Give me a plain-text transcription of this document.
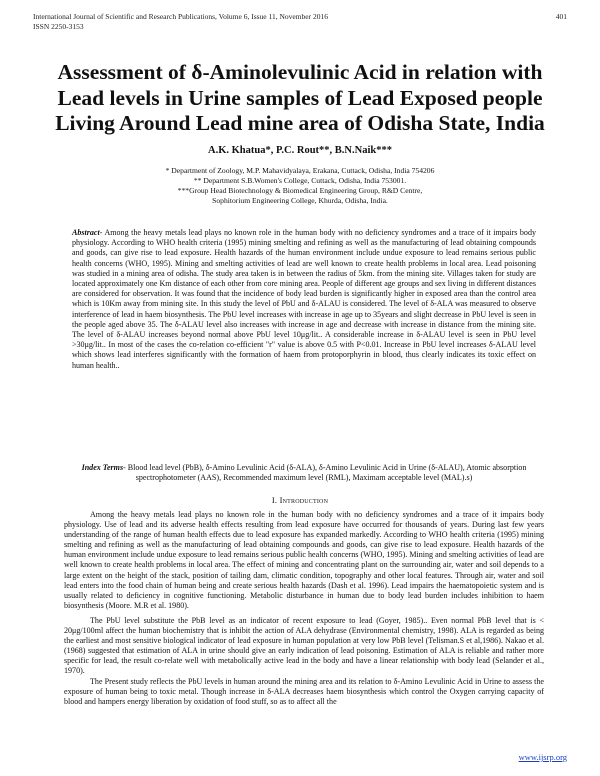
International Journal of Scientific and Research Publications, Volume 6, Issue 11, November 2016
ISSN 2250-3153
401
Assessment of δ-Aminolevulinic Acid in relation with Lead levels in Urine samples of Lead Exposed people Living Around Lead mine area of Odisha State, India
A.K. Khatua*, P.C. Rout**, B.N.Naik***
* Department of Zoology, M.P. Mahavidyalaya, Erakana, Cuttack, Odisha, India 754206
** Department S.B.Women's College, Cuttack, Odisha, India 753001.
***Group Head Biotechnology & Biomedical Engineering Group, R&D Centre,
Sophitorium Engineering College, Khurda, Odisha, India.

Abstract- Among the heavy metals lead plays no known role in the human body with no deficiency syndromes and a trace of it impairs body physiology. According to WHO health criteria (1995) mining smelting and refining as well as the manufacturing of lead obtaining compounds and goods, can give rise to lead exposure. Health hazards of the human environment include undue exposure to lead remains serious public health concerns (WHO, 1995). Mining and smelting activities of lead are well known to create health problems in local area. Lead poisoning was studied in a mining area of odisha. The study area taken is in between the radius of 5km. from the mining site. Villages taken for study are located approximately one Km distance of each other from core mining area. People of different age groups and sex living in different distances are considered for observation. It was found that the incidence of body lead burden is significantly higher in exposed area than the control area which is 10Km away from mining site. In this study the level of PbU and δ-ALAU is considered. The level of δ-ALA was measured to observe interference of lead in haem biosynthesis. The PbU level increases with increase in age up to 35years and slight decrease in PbU level is seen in the people aged above 35. The δ-ALAU level also increases with increase in age and decrease with increase in distance from the mining site. The level of δ-ALAU increases beyond normal above PbU level 10μg/lit.. A considerable increase in δ-ALAU level is seen in PbU level >30μg/lit.. In most of the cases the co-relation co-efficient "r" value is above 0.5 with P<0.01. Increase in PbU level increases δ-ALAU level which shows lead interferes significantly with the formation of haem from protoporphyrin in blood, thus clearly indicates its toxic effect on human health..

Index Terms- Blood lead level (PbB), δ-Amino Levulinic Acid (δ-ALA), δ-Amino Levulinic Acid in Urine (δ-ALAU), Atomic absorption spectrophotometer (AAS), Recommended maximum level (RML), Maximam acceptable level (MAL).s)

I. Introduction

Among the heavy metals lead plays no known role in the human body with no deficiency syndromes and a trace of it impairs body physiology. Use of lead and its adverse health effects resulting from lead exposure have occurred for thousands of years. During last few years understanding of the range of human health effects due to lead exposure has expanded markedly. According to WHO health criteria (1995) mining smelting and refining as well as the manufacturing of lead obtaining compounds and goods, can give rise to lead exposure. Health hazards of the human environment include undue exposure to lead remains serious public health concerns (WHO, 1995). Mining and smelting activities of lead are well known to create health problems in local area. The effect of mining and concentrating plant on the surrounding air, water and soil depends to a large extent on the height of the stack, position of tailing dam, climatic condition, topography and other local features. Through air, water and soil lead enters into the food chain of human being and create serious health hazards (Dash et al. 1996). Lead impairs the haematopoietic system and is usually related to deficiency in cognitive functioning. Metabolic disturbance in human due to body lead burden includes inhibition to haem biosynthesis (Moore. M.R et al. 1980).

The PbU level substitute the PbB level as an indicator of recent exposure to lead (Goyer, 1985).. Even normal PbB level that is < 20μg/100ml affect the human biochemistry that is inhibit the action of ALA dehydrase (Environmental chemistry, 1998). ALA is regarded as being the earliest and most sensitive biological indicator of lead exposure in human population at very low PbB level (Telisman.S et al,1986). Nakao et al.(1968) suggested that estimation of ALA in urine should give an early indication of lead poisoning. Estimation of ALA is reliable and rather more specific for lead, the result co-relate well with metabolically active lead in the body and have a linear relationship with body lead (Selander et al., 1970).

The Present study reflects the PbU levels in human around the mining area and its relation to δ-Amino Levulinic Acid in Urine to assess the exposure of human being to toxic metal. Though increase in δ-ALA decreases haem biosynthesis which control the Oxygen carrying capacity of blood and hampers energy liberation by oxidation of food stuff, so as to affect all the

www.ijsrp.org
